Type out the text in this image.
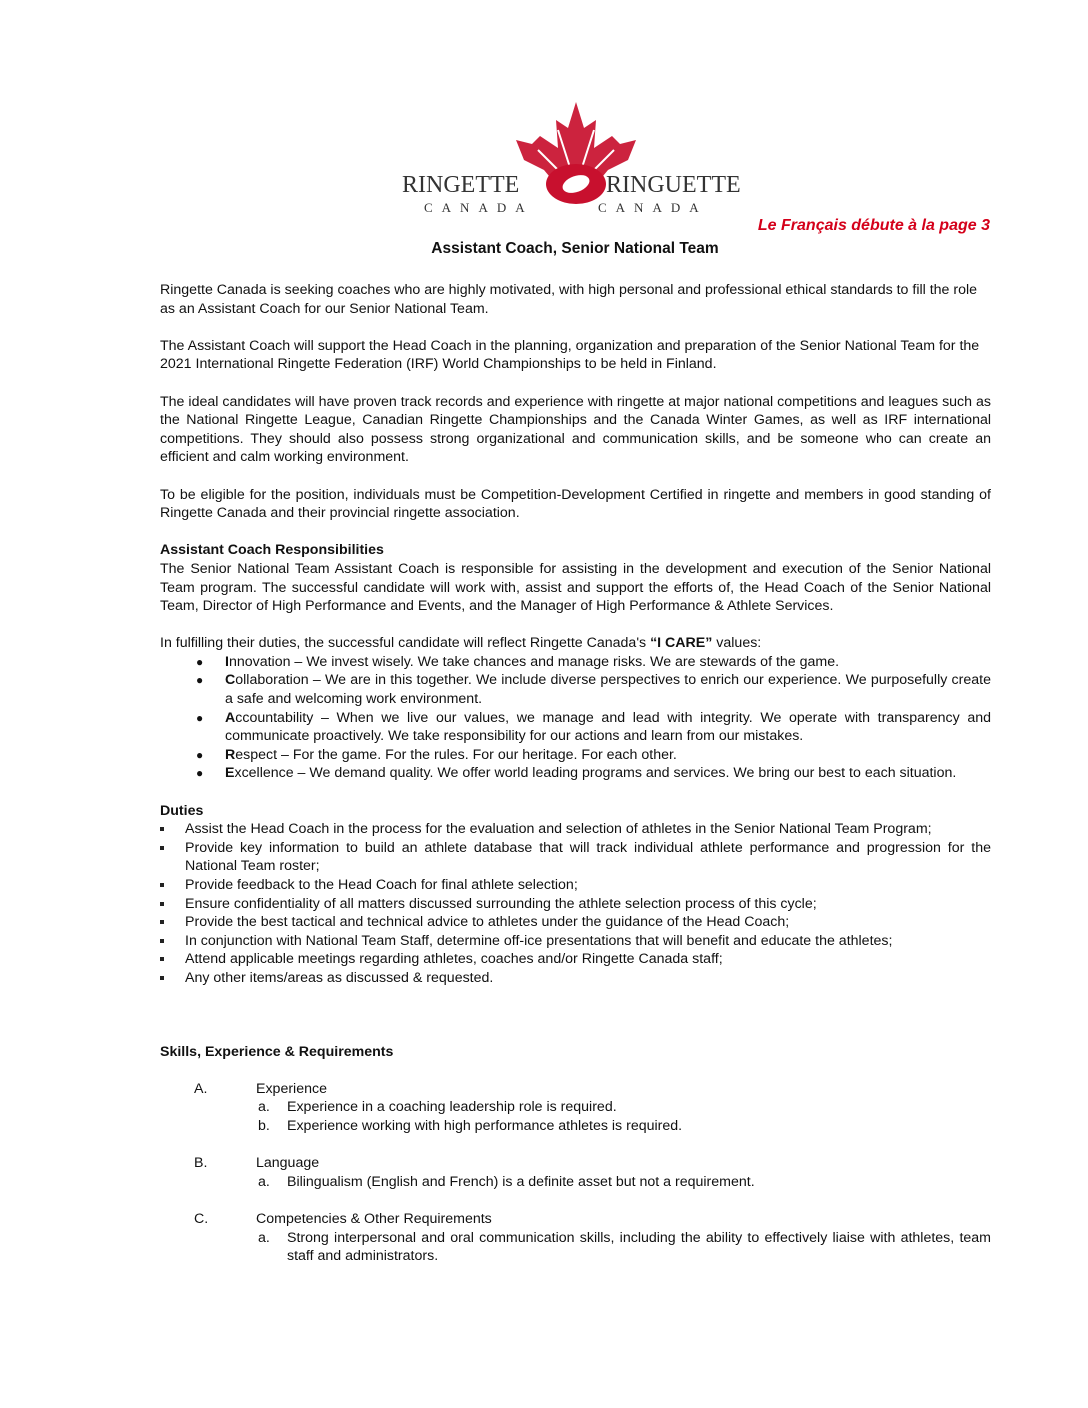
RINGETTE	RINGUETTE
CANADA	CANADA
Le Français débute à la page 3
Assistant Coach, Senior National Team

Ringette Canada is seeking coaches who are highly motivated, with high personal and professional ethical standards to fill the role as an Assistant Coach for our Senior National Team.

The Assistant Coach will support the Head Coach in the planning, organization and preparation of the Senior National Team for the 2021 International Ringette Federation (IRF) World Championships to be held in Finland.

The ideal candidates will have proven track records and experience with ringette at major national competitions and leagues such as the National Ringette League, Canadian Ringette Championships and the Canada Winter Games, as well as IRF international competitions. They should also possess strong organizational and communication skills, and be someone who can create an efficient and calm working environment.

To be eligible for the position, individuals must be Competition-Development Certified in ringette and members in good standing of Ringette Canada and their provincial ringette association.

Assistant Coach Responsibilities

The Senior National Team Assistant Coach is responsible for assisting in the development and execution of the Senior National Team program. The successful candidate will work with, assist and support the efforts of, the Head Coach of the Senior National Team, Director of High Performance and Events, and the Manager of High Performance & Athlete Services.

In fulfilling their duties, the successful candidate will reflect Ringette Canada's “I CARE” values:
● Innovation – We invest wisely. We take chances and manage risks. We are stewards of the game.
● Collaboration – We are in this together. We include diverse perspectives to enrich our experience. We purposefully create a safe and welcoming work environment.
● Accountability – When we live our values, we manage and lead with integrity. We operate with transparency and communicate proactively. We take responsibility for our actions and learn from our mistakes.
● Respect – For the game. For the rules. For our heritage. For each other.
● Excellence – We demand quality. We offer world leading programs and services. We bring our best to each situation.
Duties
Assist the Head Coach in the process for the evaluation and selection of athletes in the Senior National Team Program;
Provide key information to build an athlete database that will track individual athlete performance and progression for the National Team roster;
Provide feedback to the Head Coach for final athlete selection;
Ensure confidentiality of all matters discussed surrounding the athlete selection process of this cycle;
Provide the best tactical and technical advice to athletes under the guidance of the Head Coach;
In conjunction with National Team Staff, determine off-ice presentations that will benefit and educate the athletes;
Attend applicable meetings regarding athletes, coaches and/or Ringette Canada staff;
Any other items/areas as discussed & requested.
Skills, Experience & Requirements
A.	Experience
a. Experience in a coaching leadership role is required.
b. Experience working with high performance athletes is required.
B.	Language
a. Bilingualism (English and French) is a definite asset but not a requirement.
C.	Competencies & Other Requirements
a. Strong interpersonal and oral communication skills, including the ability to effectively liaise with athletes, team staff and administrators.
